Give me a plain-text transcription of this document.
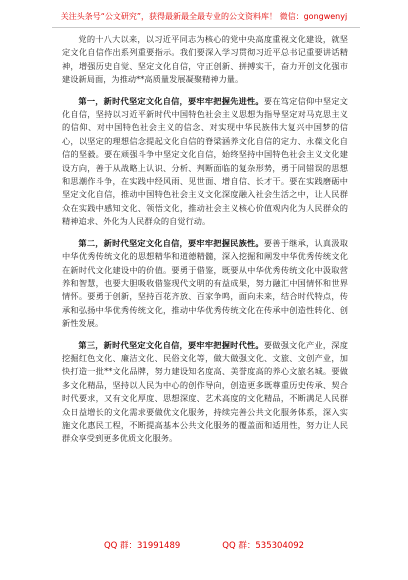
关注头条号“公文研究”，获得最新最全最专业的公文资料库！ 微信：gongwenyj

党的十八大以来，以习近平同志为核心的党中央高度重视文化建设，就坚定文化自信作出系列重要指示。我们要深入学习贯彻习近平总书记重要讲话精神，增强历史自觉、坚定文化自信，守正创新、拼搏实干，奋力开创文化强市建设新局面，为推动**高质量发展凝聚精神力量。

第一，新时代坚定文化自信，要牢牢把握先进性。要在笃定信仰中坚定文化自信，坚持以习近平新时代中国特色社会主义思想为指导坚定对马克思主义的信仰、对中国特色社会主义的信念、对实现中华民族伟大复兴中国梦的信心，以坚定的理想信念提起文化自信的脊梁涵养文化自信的定力、永葆文化自信的坚毅。要在顽强斗争中坚定文化自信，始终坚持中国特色社会主义文化建设方向，善于从战略上认识、分析、判断面临的复杂形势，勇于同错误的思想和思潮作斗争，在实践中经风雨、见世面、增自信、长才干。要在实践磨砺中坚定文化自信，推动中国特色社会主义文化深度融入社会生活之中，让人民群众在实践中感知文化、领悟文化，推动社会主义核心价值观内化为人民群众的精神追求、外化为人民群众的自觉行动。

第二，新时代坚定文化自信，要牢牢把握民族性。要善于继承，认真汲取中华优秀传统文化的思想精华和道德精髓，深入挖掘和阐发中华优秀传统文化在新时代文化建设中的价值。要勇于借鉴，既要从中华优秀传统文化中汲取营养和智慧，也要大胆吸收借鉴现代文明的有益成果，努力融汇中国情怀和世界情怀。要勇于创新，坚持百花齐放、百家争鸣，面向未来，结合时代特点，传承和弘扬中华优秀传统文化，推动中华优秀传统文化在传承中创造性转化、创新性发展。

第三，新时代坚定文化自信，要牢牢把握时代性。要做强文化产业，深度挖掘红色文化、廉洁文化、民俗文化等，做大做强文化、文旅、文创产业，加快打造一批**文化品牌，努力建设知名度高、美誉度高的养心文旅名城。要做多文化精品，坚持以人民为中心的创作导向，创造更多既尊重历史传承、契合时代要求，又有文化厚度、思想深度、艺术高度的文化精品，不断满足人民群众日益增长的文化需求要做优文化服务，持续完善公共文化服务体系，深入实施文化惠民工程，不断提高基本公共文化服务的覆盖面和适用性，努力让人民群众享受到更多优质文化服务。

QQ 群：31991489	QQ 群：535304092
